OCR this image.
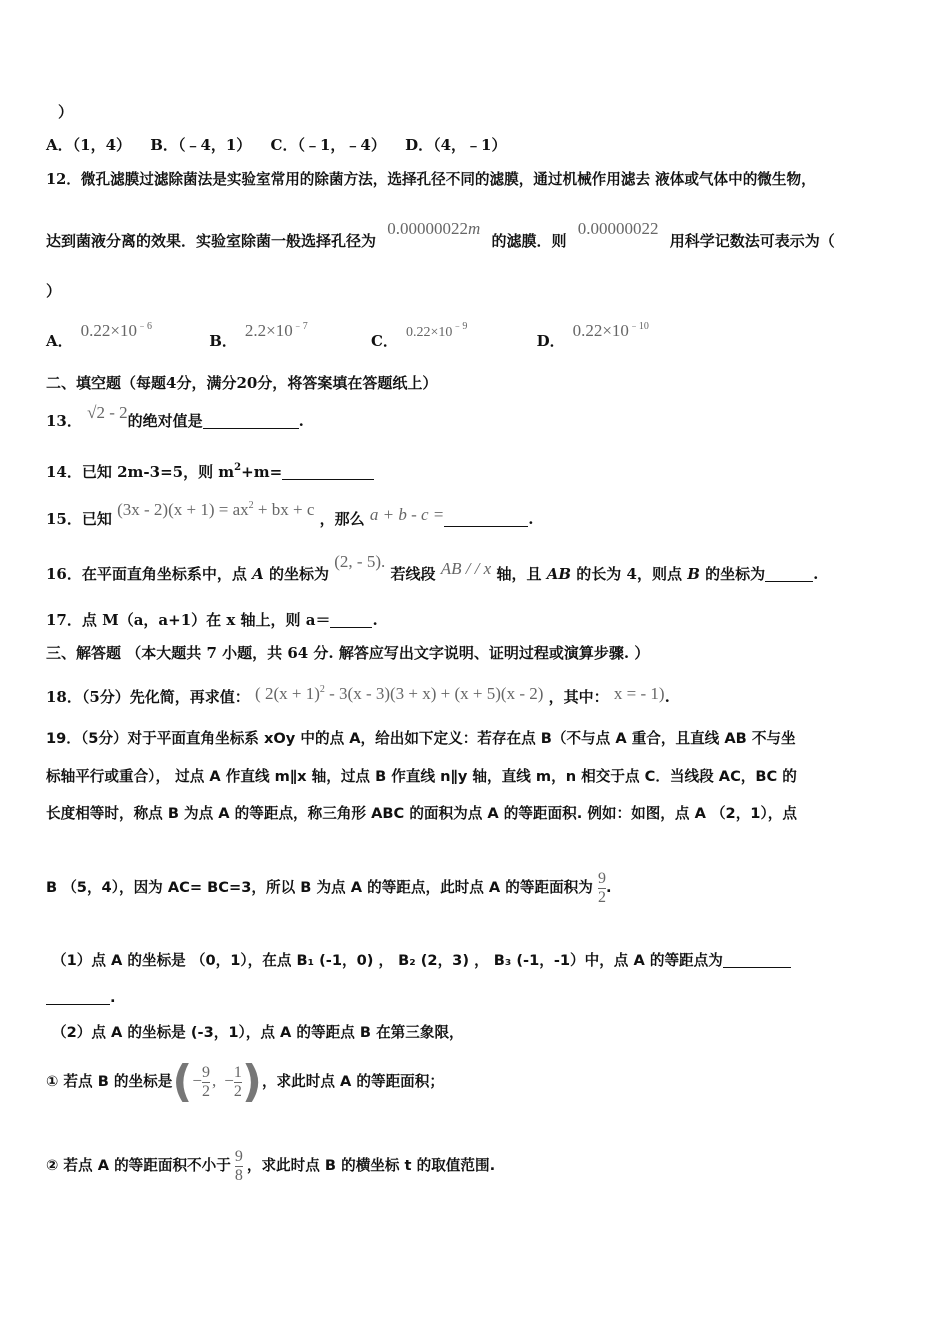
）
A．（1，4） B．（﹣4，1） C．（﹣1，﹣4） D．（4，﹣1）
12．微孔滤膜过滤除菌法是实验室常用的除菌方法，选择孔径不同的滤膜，通过机械作用滤去 液体或气体中的微生物，
达到菌液分离的效果．实验室除菌一般选择孔径为 0.00000022m 的滤膜．则 0.00000022 用科学记数法可表示为（
）
A．$0.22\times 10^{﹣6}$ B．$2.2\times 10^{﹣7}$ C． $0.22\times 10^{﹣9}$ D．$0.22\times 10^{﹣10}$
二、填空题（每题4分，满分20分，将答案填在答题纸上）
13． √2 - 2的绝对值是	.
14．已知 2m-3=5，则 $m^2+m=$
15．已知 $(3x - 2)(x + 1) = ax^2$ + bx + c ，那么 a + b - c =	.
16．在平面直角坐标系中，点 A 的坐标为 (2, - 5). 若线段 AB / / x 轴，且 AB 的长为 4，则点 B 的坐标为	.
17．点 M（a，a+1）在 x 轴上，则 a＝	.
三、解答题 （本大题共 7 小题，共 64 分. 解答应写出文字说明、证明过程或演算步骤. ）
18．（5分）先化简，再求值： ( $2(x + 1)^2 - 3(x - 3)(3 + x) + (x + 5)(x - 2)$ ，其中： x = - 1).
19．（5分）对于平面直角坐标系 xOy 中的点 A，给出如下定义：若存在点 B（不与点 A 重合，且直线 AB 不与坐
标轴平行或重合）， 过点 A 作直线 m∥x 轴，过点 B 作直线 n∥y 轴，直线 m，n 相交于点 C．当线段 AC，BC 的
长度相等时，称点 B 为点 A 的等距点，称三角形 ABC 的面积为点 A 的等距面积. 例如：如图，点 A （2，1），点
B （5，4），因为 AC= BC=3，所以 B 为点 A 的等距点，此时点 A 的等距面积为 $\frac{9}{2}$ .
（1）点 A 的坐标是 （0，1），在点 B₁ (-1，0) ， B₂ (2，3) ， B₃ (-1，-1）中，点 A 的等距点为
.
（2）点 A 的坐标是 (-3，1），点 A 的等距点 B 在第三象限，
① 若点 B 的坐标是(− $\frac{9}{2}$ , − $\frac{1}{2}$ )，求此时点 A 的等距面积；
② 若点 A 的等距面积不小于 $\frac{9}{8}$ ，求此时点 B 的横坐标 t 的取值范围.
